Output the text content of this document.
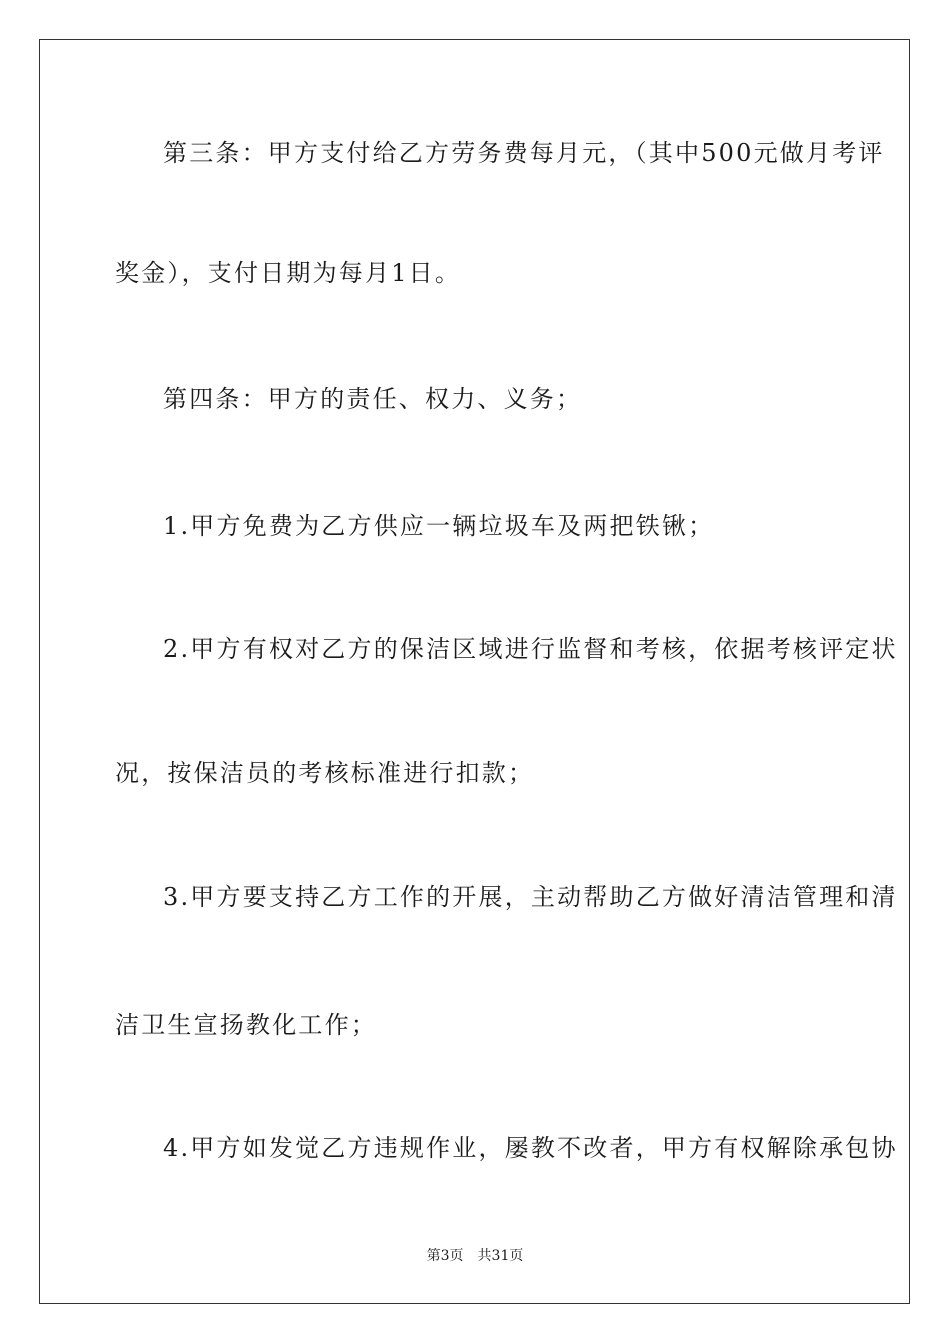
第三条：甲方支付给乙方劳务费每月元，（其中500元做月考评
奖金），支付日期为每月1日。
第四条：甲方的责任、权力、义务；
1.甲方免费为乙方供应一辆垃圾车及两把铁锹；
2.甲方有权对乙方的保洁区域进行监督和考核，依据考核评定状
况，按保洁员的考核标准进行扣款；
3.甲方要支持乙方工作的开展，主动帮助乙方做好清洁管理和清
洁卫生宣扬教化工作；
4.甲方如发觉乙方违规作业，屡教不改者，甲方有权解除承包协
第3页　共31页
